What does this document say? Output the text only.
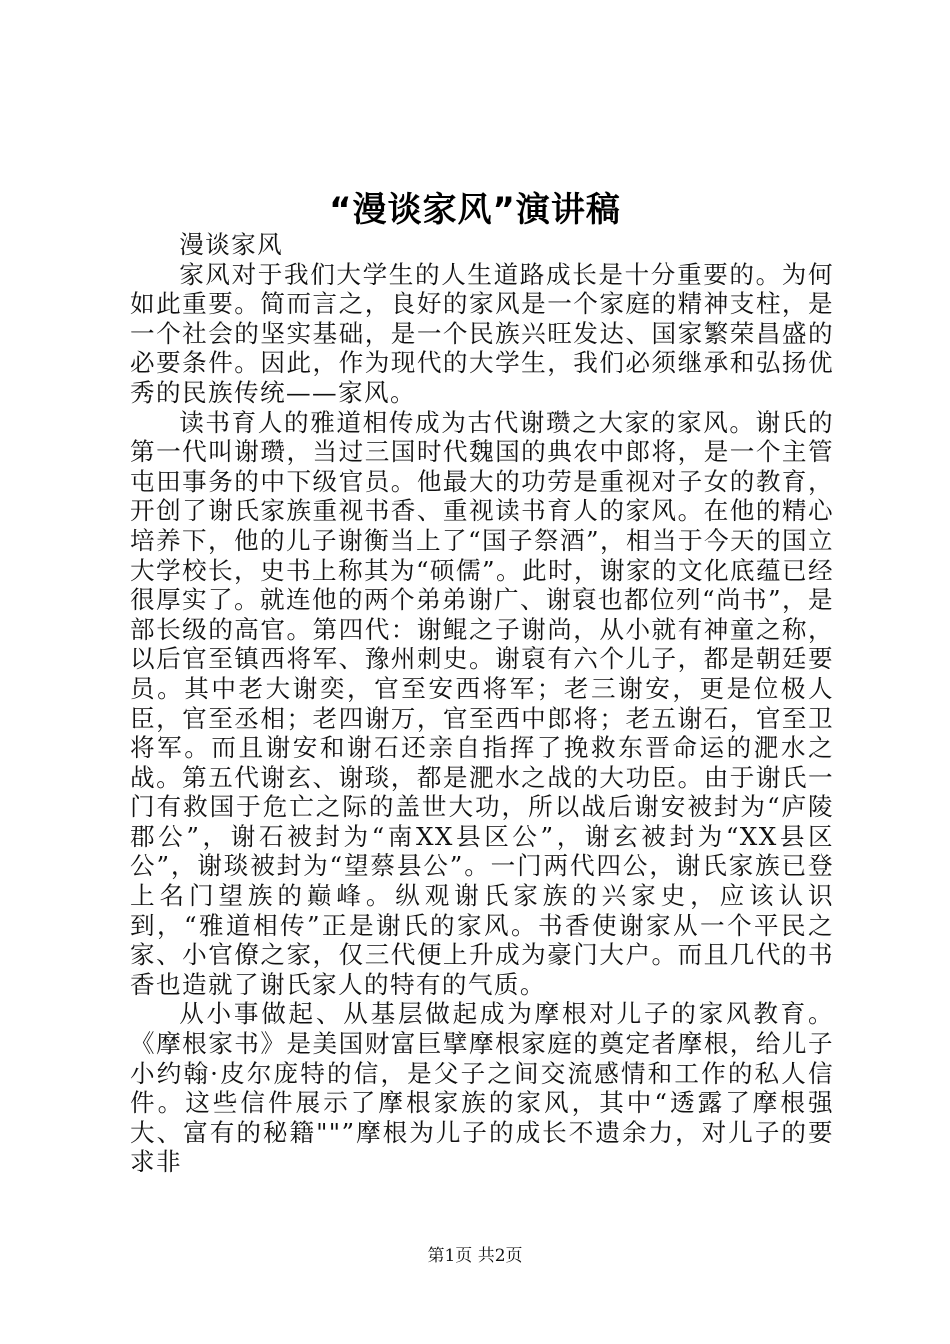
“漫谈家风”演讲稿

漫谈家风

家风对于我们大学生的人生道路成长是十分重要的。为何如此重要。简而言之，良好的家风是一个家庭的精神支柱，是一个社会的坚实基础，是一个民族兴旺发达、国家繁荣昌盛的必要条件。因此，作为现代的大学生，我们必须继承和弘扬优秀的民族传统——家风。

读书育人的雅道相传成为古代谢瓒之大家的家风。谢氏的第一代叫谢瓒，当过三国时代魏国的典农中郎将，是一个主管屯田事务的中下级官员。他最大的功劳是重视对子女的教育，开创了谢氏家族重视书香、重视读书育人的家风。在他的精心培养下，他的儿子谢衡当上了“国子祭酒”，相当于今天的国立大学校长，史书上称其为“硕儒”。此时，谢家的文化底蕴已经很厚实了。就连他的两个弟弟谢广、谢裒也都位列“尚书”，是部长级的高官。第四代：谢鲲之子谢尚，从小就有神童之称，以后官至镇西将军、豫州刺史。谢裒有六个儿子，都是朝廷要员。其中老大谢奕，官至安西将军；老三谢安，更是位极人臣，官至丞相；老四谢万，官至西中郎将；老五谢石，官至卫将军。而且谢安和谢石还亲自指挥了挽救东晋命运的淝水之战。第五代谢玄、谢琰，都是淝水之战的大功臣。由于谢氏一门有救国于危亡之际的盖世大功，所以战后谢安被封为“庐陵郡公”，谢石被封为“南XX县区公”，谢玄被封为“XX县区公”，谢琰被封为“望蔡县公”。一门两代四公，谢氏家族已登上名门望族的巅峰。纵观谢氏家族的兴家史，应该认识到，“雅道相传”正是谢氏的家风。书香使谢家从一个平民之家、小官僚之家，仅三代便上升成为豪门大户。而且几代的书香也造就了谢氏家人的特有的气质。

从小事做起、从基层做起成为摩根对儿子的家风教育。《摩根家书》是美国财富巨擘摩根家庭的奠定者摩根，给儿子小约翰·皮尔庞特的信，是父子之间交流感情和工作的私人信件。这些信件展示了摩根家族的家风，其中“透露了摩根强大、富有的秘籍""”摩根为儿子的成长不遗余力，对儿子的要求非

第1页 共2页
